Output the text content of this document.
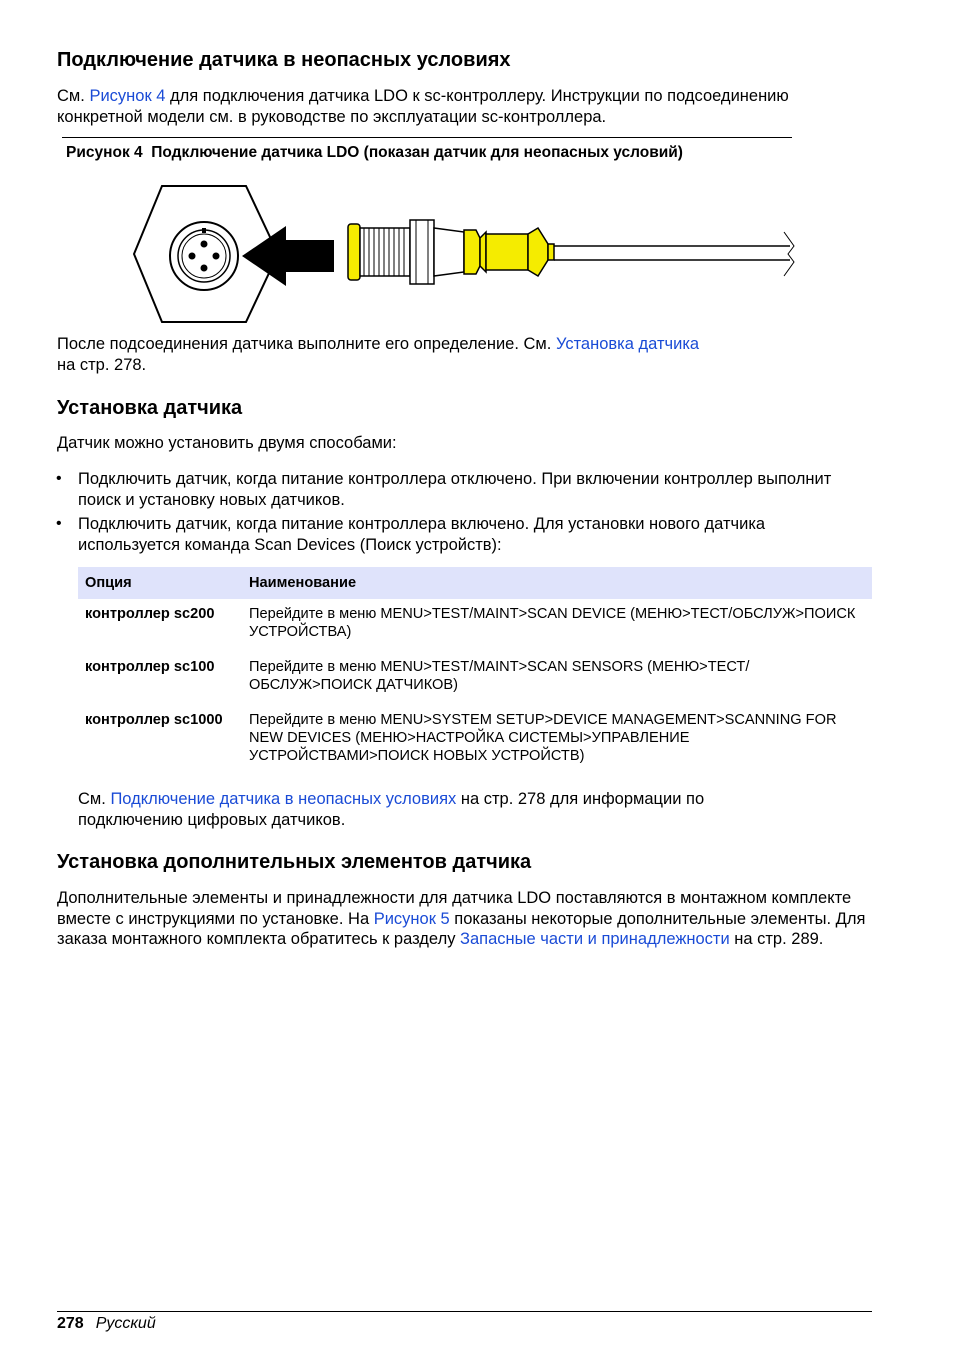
Подключение датчика в неопасных условиях

См. Рисунок 4 для подключения датчика LDO к sc-контроллеру. Инструкции по подсоединению конкретной модели см. в руководстве по эксплуатации sc-контроллера.

Рисунок 4 Подключение датчика LDO (показан датчик для неопасных условий)

После подсоединения датчика выполните его определение. См. Установка датчика
на стр. 278.

Установка датчика

Датчик можно установить двумя способами:

• Подключить датчик, когда питание контроллера отключено. При включении контроллер выполнит поиск и установку новых датчиков.
• Подключить датчик, когда питание контроллера включено. Для установки нового датчика используется команда Scan Devices (Поиск устройств):
Опция	Наименование
контроллер sc200	Перейдите в меню MENU>TEST/MAINT>SCAN DEVICE (МЕНЮ>ТЕСТ/ОБСЛУЖ>ПОИСК УСТРОЙСТВА)
контроллер sc100	Перейдите в меню MENU>TEST/MAINT>SCAN SENSORS (МЕНЮ>ТЕСТ/ОБСЛУЖ>ПОИСК ДАТЧИКОВ)
контроллер sc1000	Перейдите в меню MENU>SYSTEM SETUP>DEVICE MANAGEMENT>SCANNING FOR NEW DEVICES (МЕНЮ>НАСТРОЙКА СИСТЕМЫ>УПРАВЛЕНИЕ УСТРОЙСТВАМИ>ПОИСК НОВЫХ УСТРОЙСТВ)

См. Подключение датчика в неопасных условиях на стр. 278 для информации по подключению цифровых датчиков.

Установка дополнительных элементов датчика

Дополнительные элементы и принадлежности для датчика LDO поставляются в монтажном комплекте вместе с инструкциями по установке. На Рисунок 5 показаны некоторые дополнительные элементы. Для заказа монтажного комплекта обратитесь к разделу Запасные части и принадлежности на стр. 289.

278 Русский
